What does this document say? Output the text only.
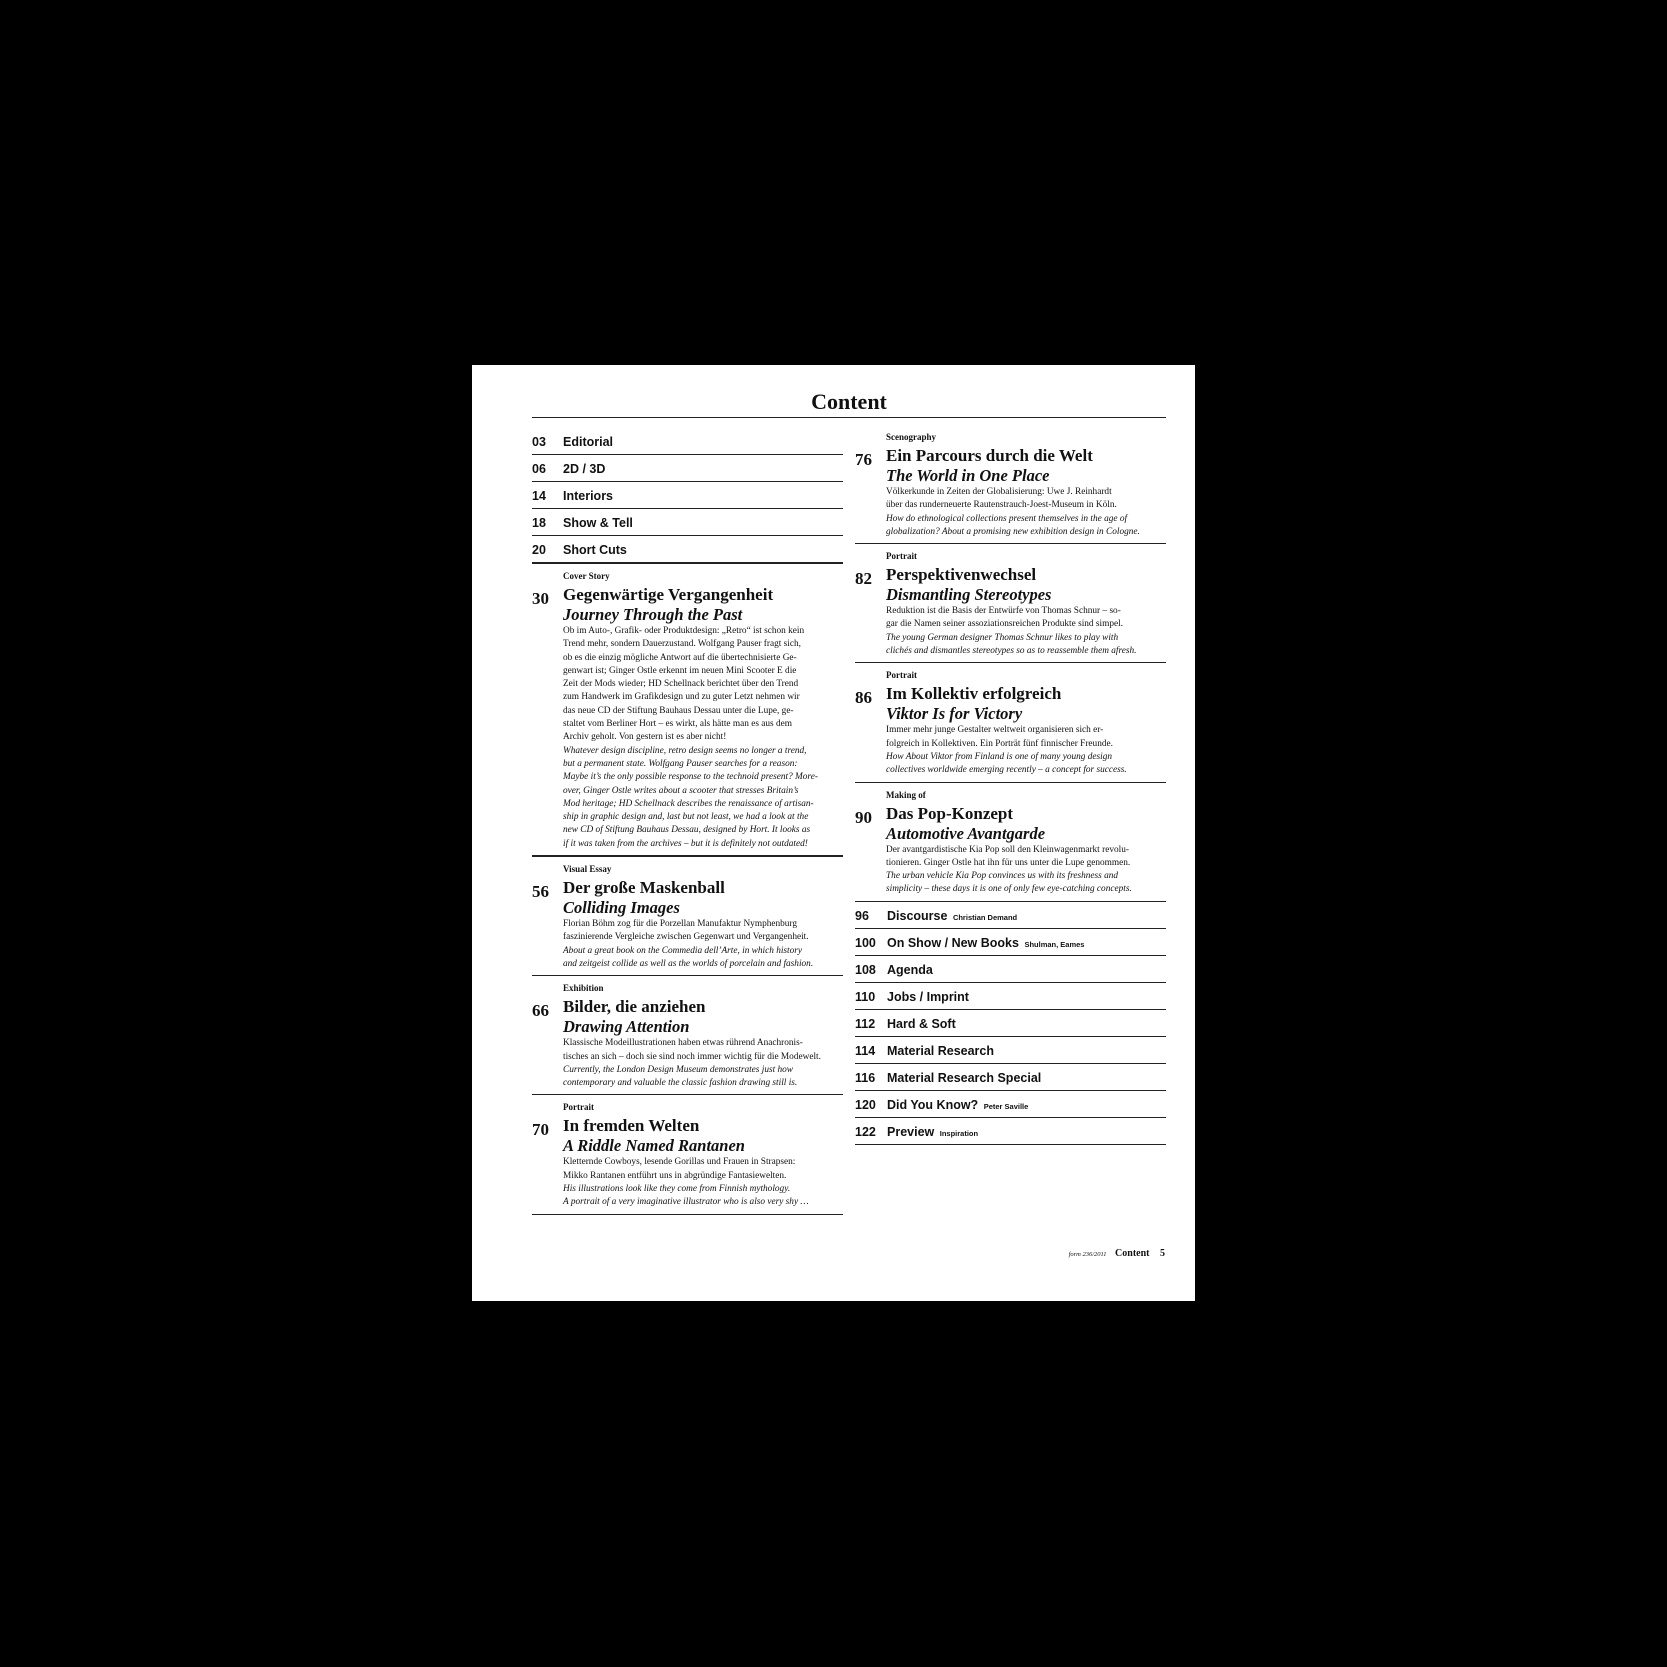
Content
03	Editorial
06	2D / 3D
14	Interiors
18	Show & Tell
20	Short Cuts
Cover Story
30 Gegenwärtige Vergangenheit
Journey Through the Past
Ob im Auto-, Grafik- oder Produktdesign: „Retro“ ist schon kein
Trend mehr, sondern Dauerzustand. Wolfgang Pauser fragt sich,
ob es die einzig mögliche Antwort auf die übertechnisierte Ge-
genwart ist; Ginger Ostle erkennt im neuen Mini Scooter E die
Zeit der Mods wieder; HD Schellnack berichtet über den Trend
zum Handwerk im Grafikdesign und zu guter Letzt nehmen wir
das neue CD der Stiftung Bauhaus Dessau unter die Lupe, ge-
staltet vom Berliner Hort – es wirkt, als hätte man es aus dem
Archiv geholt. Von gestern ist es aber nicht!
Whatever design discipline, retro design seems no longer a trend,
but a permanent state. Wolfgang Pauser searches for a reason:
Maybe it’s the only possible response to the technoid present? More-
over, Ginger Ostle writes about a scooter that stresses Britain’s
Mod heritage; HD Schellnack describes the renaissance of artisan-
ship in graphic design and, last but not least, we had a look at the
new CD of Stiftung Bauhaus Dessau, designed by Hort. It looks as
if it was taken from the archives – but it is definitely not outdated!
Visual Essay
56 Der große Maskenball
Colliding Images
Florian Böhm zog für die Porzellan Manufaktur Nymphenburg
faszinierende Vergleiche zwischen Gegenwart und Vergangenheit.
About a great book on the Commedia dell’Arte, in which history
and zeitgeist collide as well as the worlds of porcelain and fashion.
Exhibition
66 Bilder, die anziehen
Drawing Attention
Klassische Modeillustrationen haben etwas rührend Anachronis-
tisches an sich – doch sie sind noch immer wichtig für die Modewelt.
Currently, the London Design Museum demonstrates just how
contemporary and valuable the classic fashion drawing still is.
Portrait
70 In fremden Welten
A Riddle Named Rantanen
Kletternde Cowboys, lesende Gorillas und Frauen in Strapsen:
Mikko Rantanen entführt uns in abgründige Fantasiewelten.
His illustrations look like they come from Finnish mythology.
A portrait of a very imaginative illustrator who is also very shy …
Scenography
76 Ein Parcours durch die Welt
The World in One Place
Völkerkunde in Zeiten der Globalisierung: Uwe J. Reinhardt
über das runderneuerte Rautenstrauch-Joest-Museum in Köln.
How do ethnological collections present themselves in the age of
globalization? About a promising new exhibition design in Cologne.
Portrait
82 Perspektivenwechsel
Dismantling Stereotypes
Reduktion ist die Basis der Entwürfe von Thomas Schnur – so-
gar die Namen seiner assoziationsreichen Produkte sind simpel.
The young German designer Thomas Schnur likes to play with
clichés and dismantles stereotypes so as to reassemble them afresh.
Portrait
86 Im Kollektiv erfolgreich
Viktor Is for Victory
Immer mehr junge Gestalter weltweit organisieren sich er-
folgreich in Kollektiven. Ein Porträt fünf finnischer Freunde.
How About Viktor from Finland is one of many young design
collectives worldwide emerging recently – a concept for success.
Making of
90 Das Pop-Konzept
Automotive Avantgarde
Der avantgardistische Kia Pop soll den Kleinwagenmarkt revolu-
tionieren. Ginger Ostle hat ihn für uns unter die Lupe genommen.
The urban vehicle Kia Pop convinces us with its freshness and
simplicity – these days it is one of only few eye-catching concepts.
96	Discourse Christian Demand
100 On Show / New Books Shulman, Eames
108 Agenda
110 Jobs / Imprint
112 Hard & Soft
114 Material Research
116 Material Research Special
120 Did You Know? Peter Saville
122 Preview Inspiration
form 236/2011 Content 5
